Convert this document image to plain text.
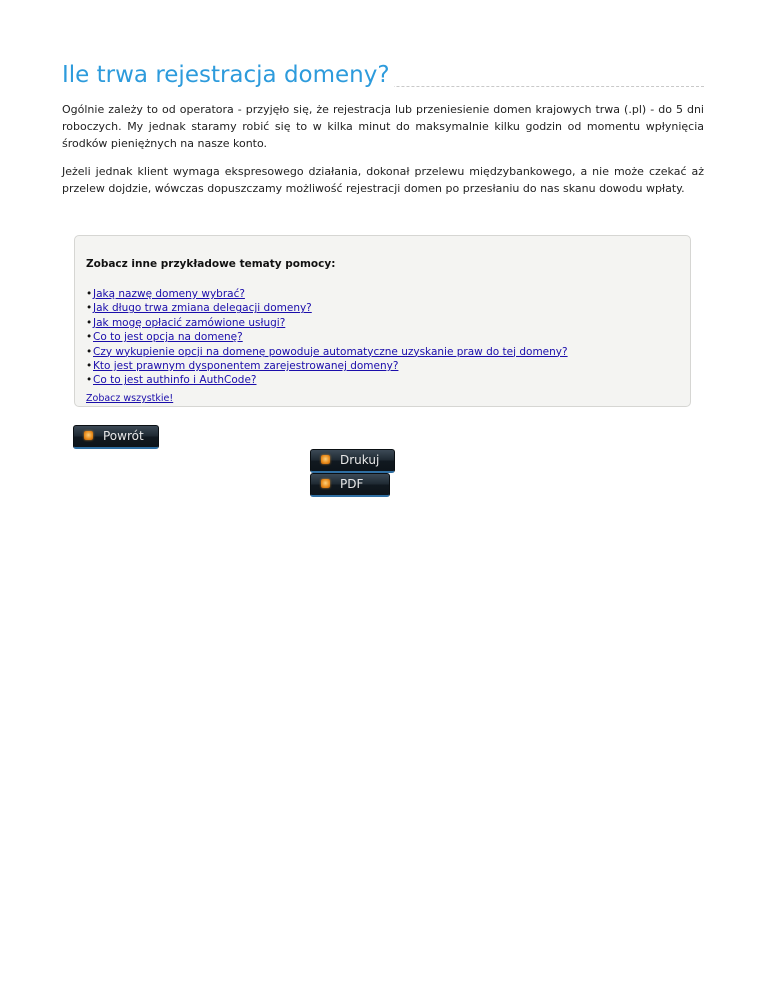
Ile trwa rejestracja domeny?

Ogólnie zależy to od operatora - przyjęło się, że rejestracja lub przeniesienie domen krajowych trwa (.pl) - do 5 dni roboczych. My jednak staramy robić się to w kilka minut do maksymalnie kilku godzin od momentu wpłynięcia środków pieniężnych na nasze konto.

Jeżeli jednak klient wymaga ekspresowego działania, dokonał przelewu międzybankowego, a nie może czekać aż przelew dojdzie, wówczas dopuszczamy możliwość rejestracji domen po przesłaniu do nas skanu dowodu wpłaty.

Zobacz inne przykładowe tematy pomocy:
• Jaką nazwę domeny wybrać?
• Jak długo trwa zmiana delegacji domeny?
• Jak mogę opłacić zamówione usługi?
• Co to jest opcja na domenę?
• Czy wykupienie opcji na domenę powoduje automatyczne uzyskanie praw do tej domeny?
• Kto jest prawnym dysponentem zarejestrowanej domeny?
• Co to jest authinfo i AuthCode?
Zobacz wszystkie!
Powrót
Drukuj
PDF
